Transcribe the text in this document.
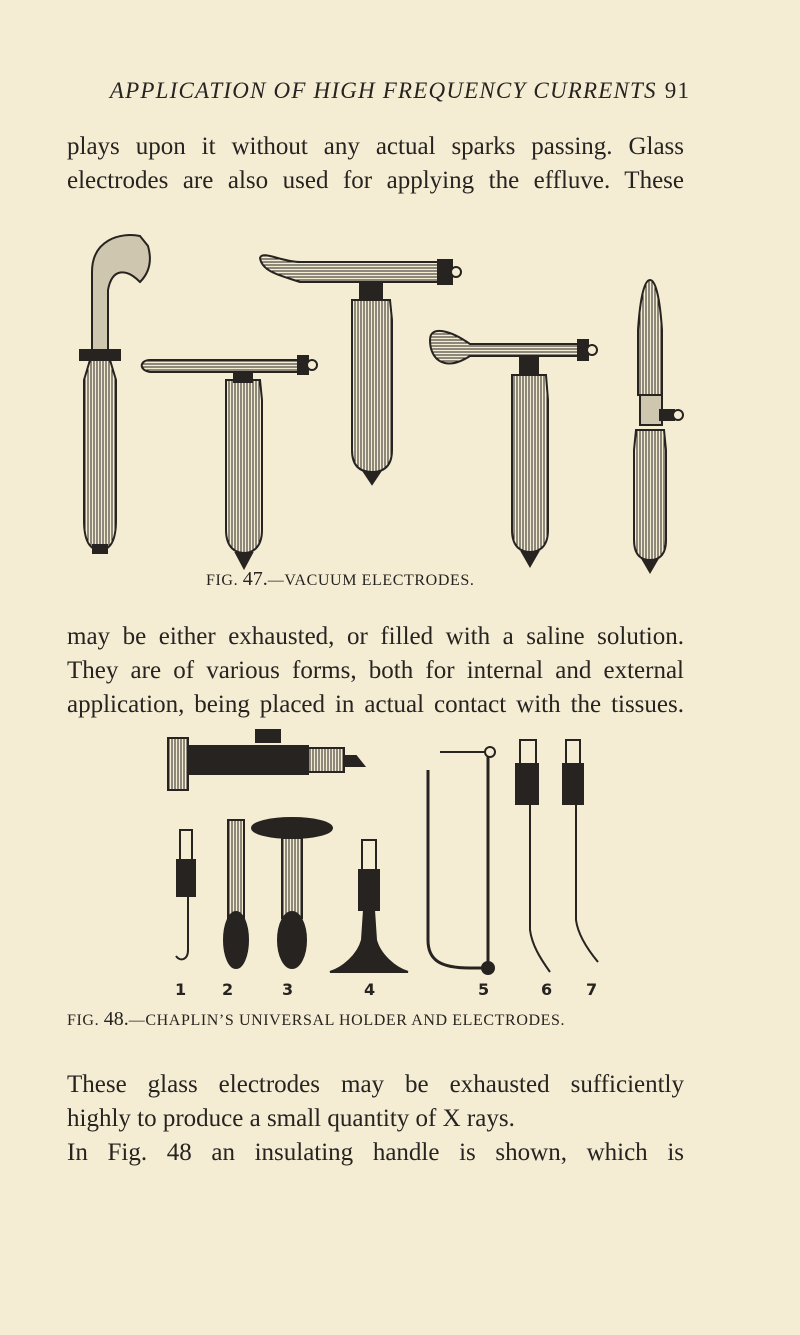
APPLICATION OF HIGH FREQUENCY CURRENTS 91

plays upon it without any actual sparks passing. Glass

electrodes are also used for applying the effluve. These

FIG. 47.—VACUUM ELECTRODES.

may be either exhausted, or filled with a saline solution.

They are of various forms, both for internal and external

application, being placed in actual contact with the tissues.

1 2	3	4	5	6 7
FIG. 48.—CHAPLIN’S UNIVERSAL HOLDER AND ELECTRODES.

These glass electrodes may be exhausted sufficiently

highly to produce a small quantity of X rays.

In Fig. 48 an insulating handle is shown, which is
